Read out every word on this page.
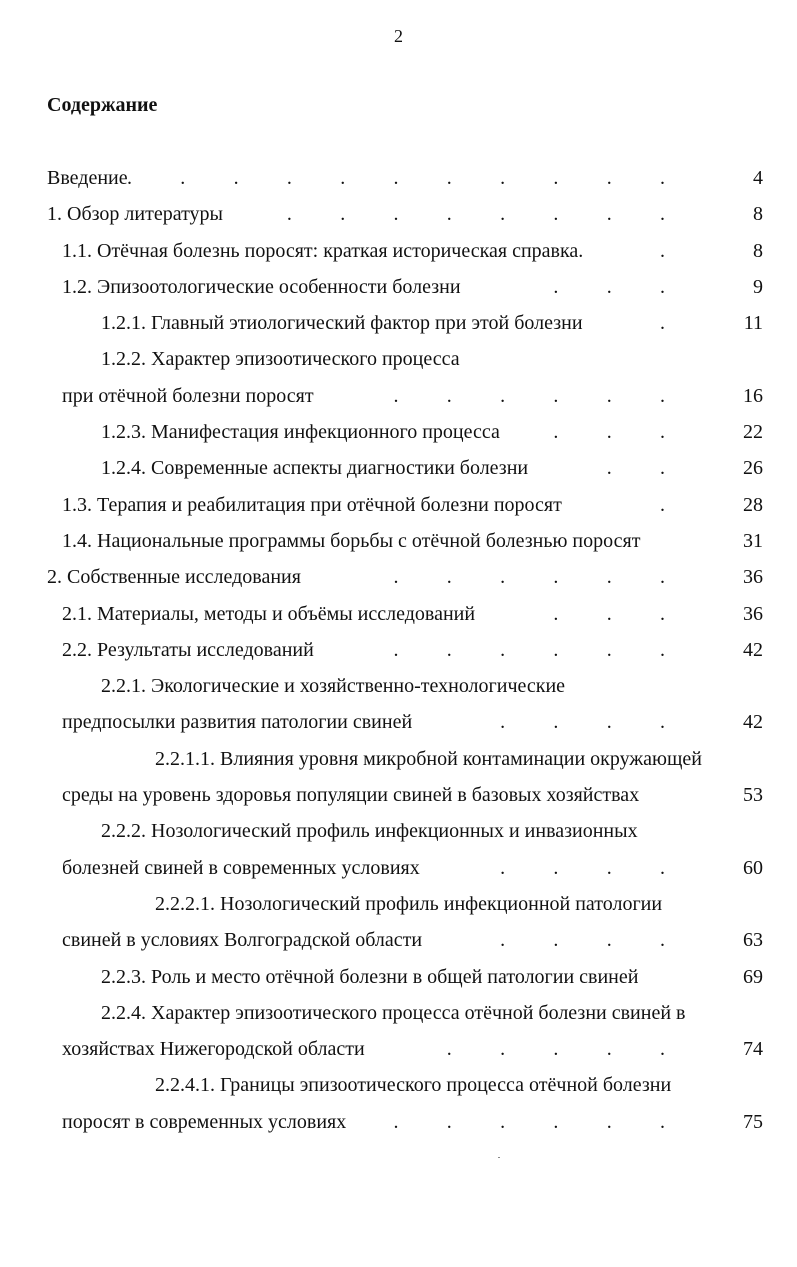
2
Содержание
Введение . . . . . . . . . . .	4
1. Обзор литературы	. . . . . . . .	8
1.1. Отёчная болезнь поросят: краткая историческая справка.	.	8
1.2. Эпизоотологические особенности болезни	. . .	9
1.2.1. Главный этиологический фактор при этой болезни	.	11
1.2.2. Характер эпизоотического процесса
при отёчной болезни поросят	. . . . . .	16
1.2.3. Манифестация инфекционного процесса	. . .	22
1.2.4. Современные аспекты диагностики болезни	. .	26
1.3. Терапия и реабилитация при отёчной болезни поросят	.	28
1.4. Национальные программы борьбы с отёчной болезнью поросят	31
2. Собственные исследования	. . . . . .	36
2.1. Материалы, методы и объёмы исследований	. . .	36
2.2. Результаты исследований	. . . . . .	42
2.2.1. Экологические и хозяйственно-технологические
предпосылки развития патологии свиней	. . . .	42
2.2.1.1. Влияния уровня микробной контаминации окружающей
среды на уровень здоровья популяции свиней в базовых хозяйствах	53
2.2.2. Нозологический профиль инфекционных и инвазионных
болезней свиней в современных условиях	. . . .	60
2.2.2.1. Нозологический профиль инфекционной патологии
свиней в условиях Волгоградской области	. . . .	63
2.2.3. Роль и место отёчной болезни в общей патологии свиней	69
2.2.4. Характер эпизоотического процесса отёчной болезни свиней в
хозяйствах Нижегородской области	. . . . .	74
2.2.4.1. Границы эпизоотического процесса отёчной болезни
поросят в современных условиях . . . . . .	75
